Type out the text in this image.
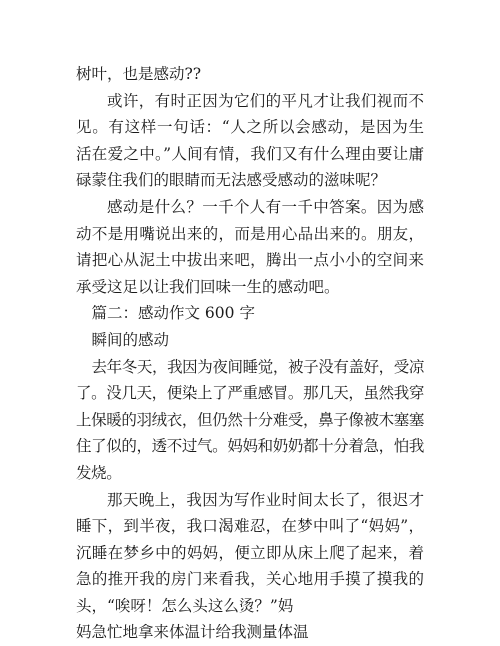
树叶，也是感动??

或许，有时正因为它们的平凡才让我们视而不见。有这样一句话：“人之所以会感动，是因为生活在爱之中。”人间有情，我们又有什么理由要让庸碌蒙住我们的眼睛而无法感受感动的滋味呢？

感动是什么？一千个人有一千中答案。因为感动不是用嘴说出来的，而是用心品出来的。朋友，请把心从泥土中拔出来吧，腾出一点小小的空间来承受这足以让我们回味一生的感动吧。

篇二：感动作文 600 字

瞬间的感动

去年冬天，我因为夜间睡觉，被子没有盖好，受凉了。没几天，便染上了严重感冒。那几天，虽然我穿上保暖的羽绒衣，但仍然十分难受，鼻子像被木塞塞住了似的，透不过气。妈妈和奶奶都十分着急，怕我发烧。

那天晚上，我因为写作业时间太长了，很迟才睡下，到半夜，我口渴难忍，在梦中叫了“妈妈”，沉睡在梦乡中的妈妈，便立即从床上爬了起来，着急的推开我的房门来看我，关心地用手摸了摸我的头，“唉呀！怎么头这么烫？”妈

妈急忙地拿来体温计给我测量体温
